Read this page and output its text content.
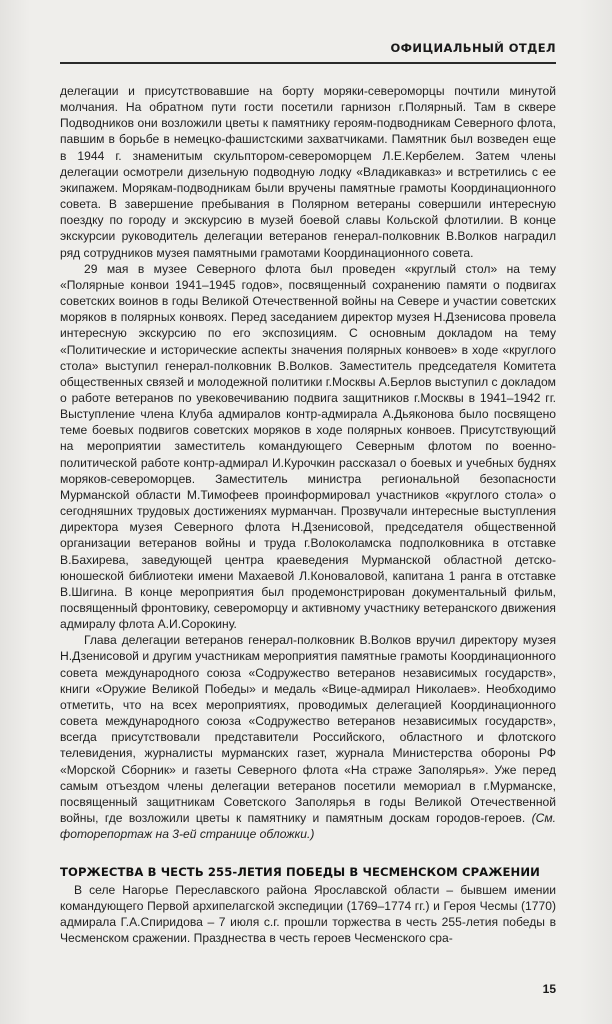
ОФИЦИАЛЬНЫЙ ОТДЕЛ

делегации и присутствовавшие на борту моряки-североморцы почтили минутой молчания. На обратном пути гости посетили гарнизон г.Полярный. Там в сквере Подводников они возложили цветы к памятнику героям-подводникам Северного флота, павшим в борьбе в немецко-фашистскими захватчиками. Памятник был возведен еще в 1944 г. знаменитым скульптором-североморцем Л.Е.Кербелем. Затем члены делегации осмотрели дизельную подводную лодку «Владикавказ» и встретились с ее экипажем. Морякам-подводникам были вручены памятные грамоты Координационного совета. В завершение пребывания в Полярном ветераны совершили интересную поездку по городу и экскурсию в музей боевой славы Кольской флотилии. В конце экскурсии руководитель делегации ветеранов генерал-полковник В.Волков наградил ряд сотрудников музея памятными грамотами Координационного совета.

29 мая в музее Северного флота был проведен «круглый стол» на тему «Полярные конвои 1941–1945 годов», посвященный сохранению памяти о подвигах советских воинов в годы Великой Отечественной войны на Севере и участии советских моряков в полярных конвоях. Перед заседанием директор музея Н.Дзенисова провела интересную экскурсию по его экспозициям. С основным докладом на тему «Политические и исторические аспекты значения полярных конвоев» в ходе «круглого стола» выступил генерал-полковник В.Волков. Заместитель председателя Комитета общественных связей и молодежной политики г.Москвы А.Берлов выступил с докладом о работе ветеранов по увековечиванию подвига защитников г.Москвы в 1941–1942 гг. Выступление члена Клуба адмиралов контр-адмирала А.Дьяконова было посвящено теме боевых подвигов советских моряков в ходе полярных конвоев. Присутствующий на мероприятии заместитель командующего Северным флотом по военно-политической работе контр-адмирал И.Курочкин рассказал о боевых и учебных буднях моряков-североморцев. Заместитель министра региональной безопасности Мурманской области М.Тимофеев проинформировал участников «круглого стола» о сегодняшних трудовых достижениях мурманчан. Прозвучали интересные выступления директора музея Северного флота Н.Дзенисовой, председателя общественной организации ветеранов войны и труда г.Волоколамска подполковника в отставке В.Бахирева, заведующей центра краеведения Мурманской областной детско-юношеской библиотеки имени Махаевой Л.Коноваловой, капитана 1 ранга в отставке В.Шигина. В конце мероприятия был продемонстрирован документальный фильм, посвященный фронтовику, североморцу и активному участнику ветеранского движения адмиралу флота А.И.Сорокину.

Глава делегации ветеранов генерал-полковник В.Волков вручил директору музея Н.Дзенисовой и другим участникам мероприятия памятные грамоты Координационного совета международного союза «Содружество ветеранов независимых государств», книги «Оружие Великой Победы» и медаль «Вице-адмирал Николаев». Необходимо отметить, что на всех мероприятиях, проводимых делегацией Координационного совета международного союза «Содружество ветеранов независимых государств», всегда присутствовали представители Российского, областного и флотского телевидения, журналисты мурманских газет, журнала Министерства обороны РФ «Морской Сборник» и газеты Северного флота «На страже Заполярья». Уже перед самым отъездом члены делегации ветеранов посетили мемориал в г.Мурманске, посвященный защитникам Советского Заполярья в годы Великой Отечественной войны, где возложили цветы к памятнику и памятным доскам городов-героев. (См. фоторепортаж на 3-ей странице обложки.)

ТОРЖЕСТВА В ЧЕСТЬ 255-ЛЕТИЯ ПОБЕДЫ В ЧЕСМЕНСКОМ СРАЖЕНИИ

В селе Нагорье Переславского района Ярославской области – бывшем имении командующего Первой архипелагской экспедиции (1769–1774 гг.) и Героя Чесмы (1770) адмирала Г.А.Спиридова – 7 июля с.г. прошли торжества в честь 255-летия победы в Чесменском сражении. Празднества в честь героев Чесменского сра-

15
